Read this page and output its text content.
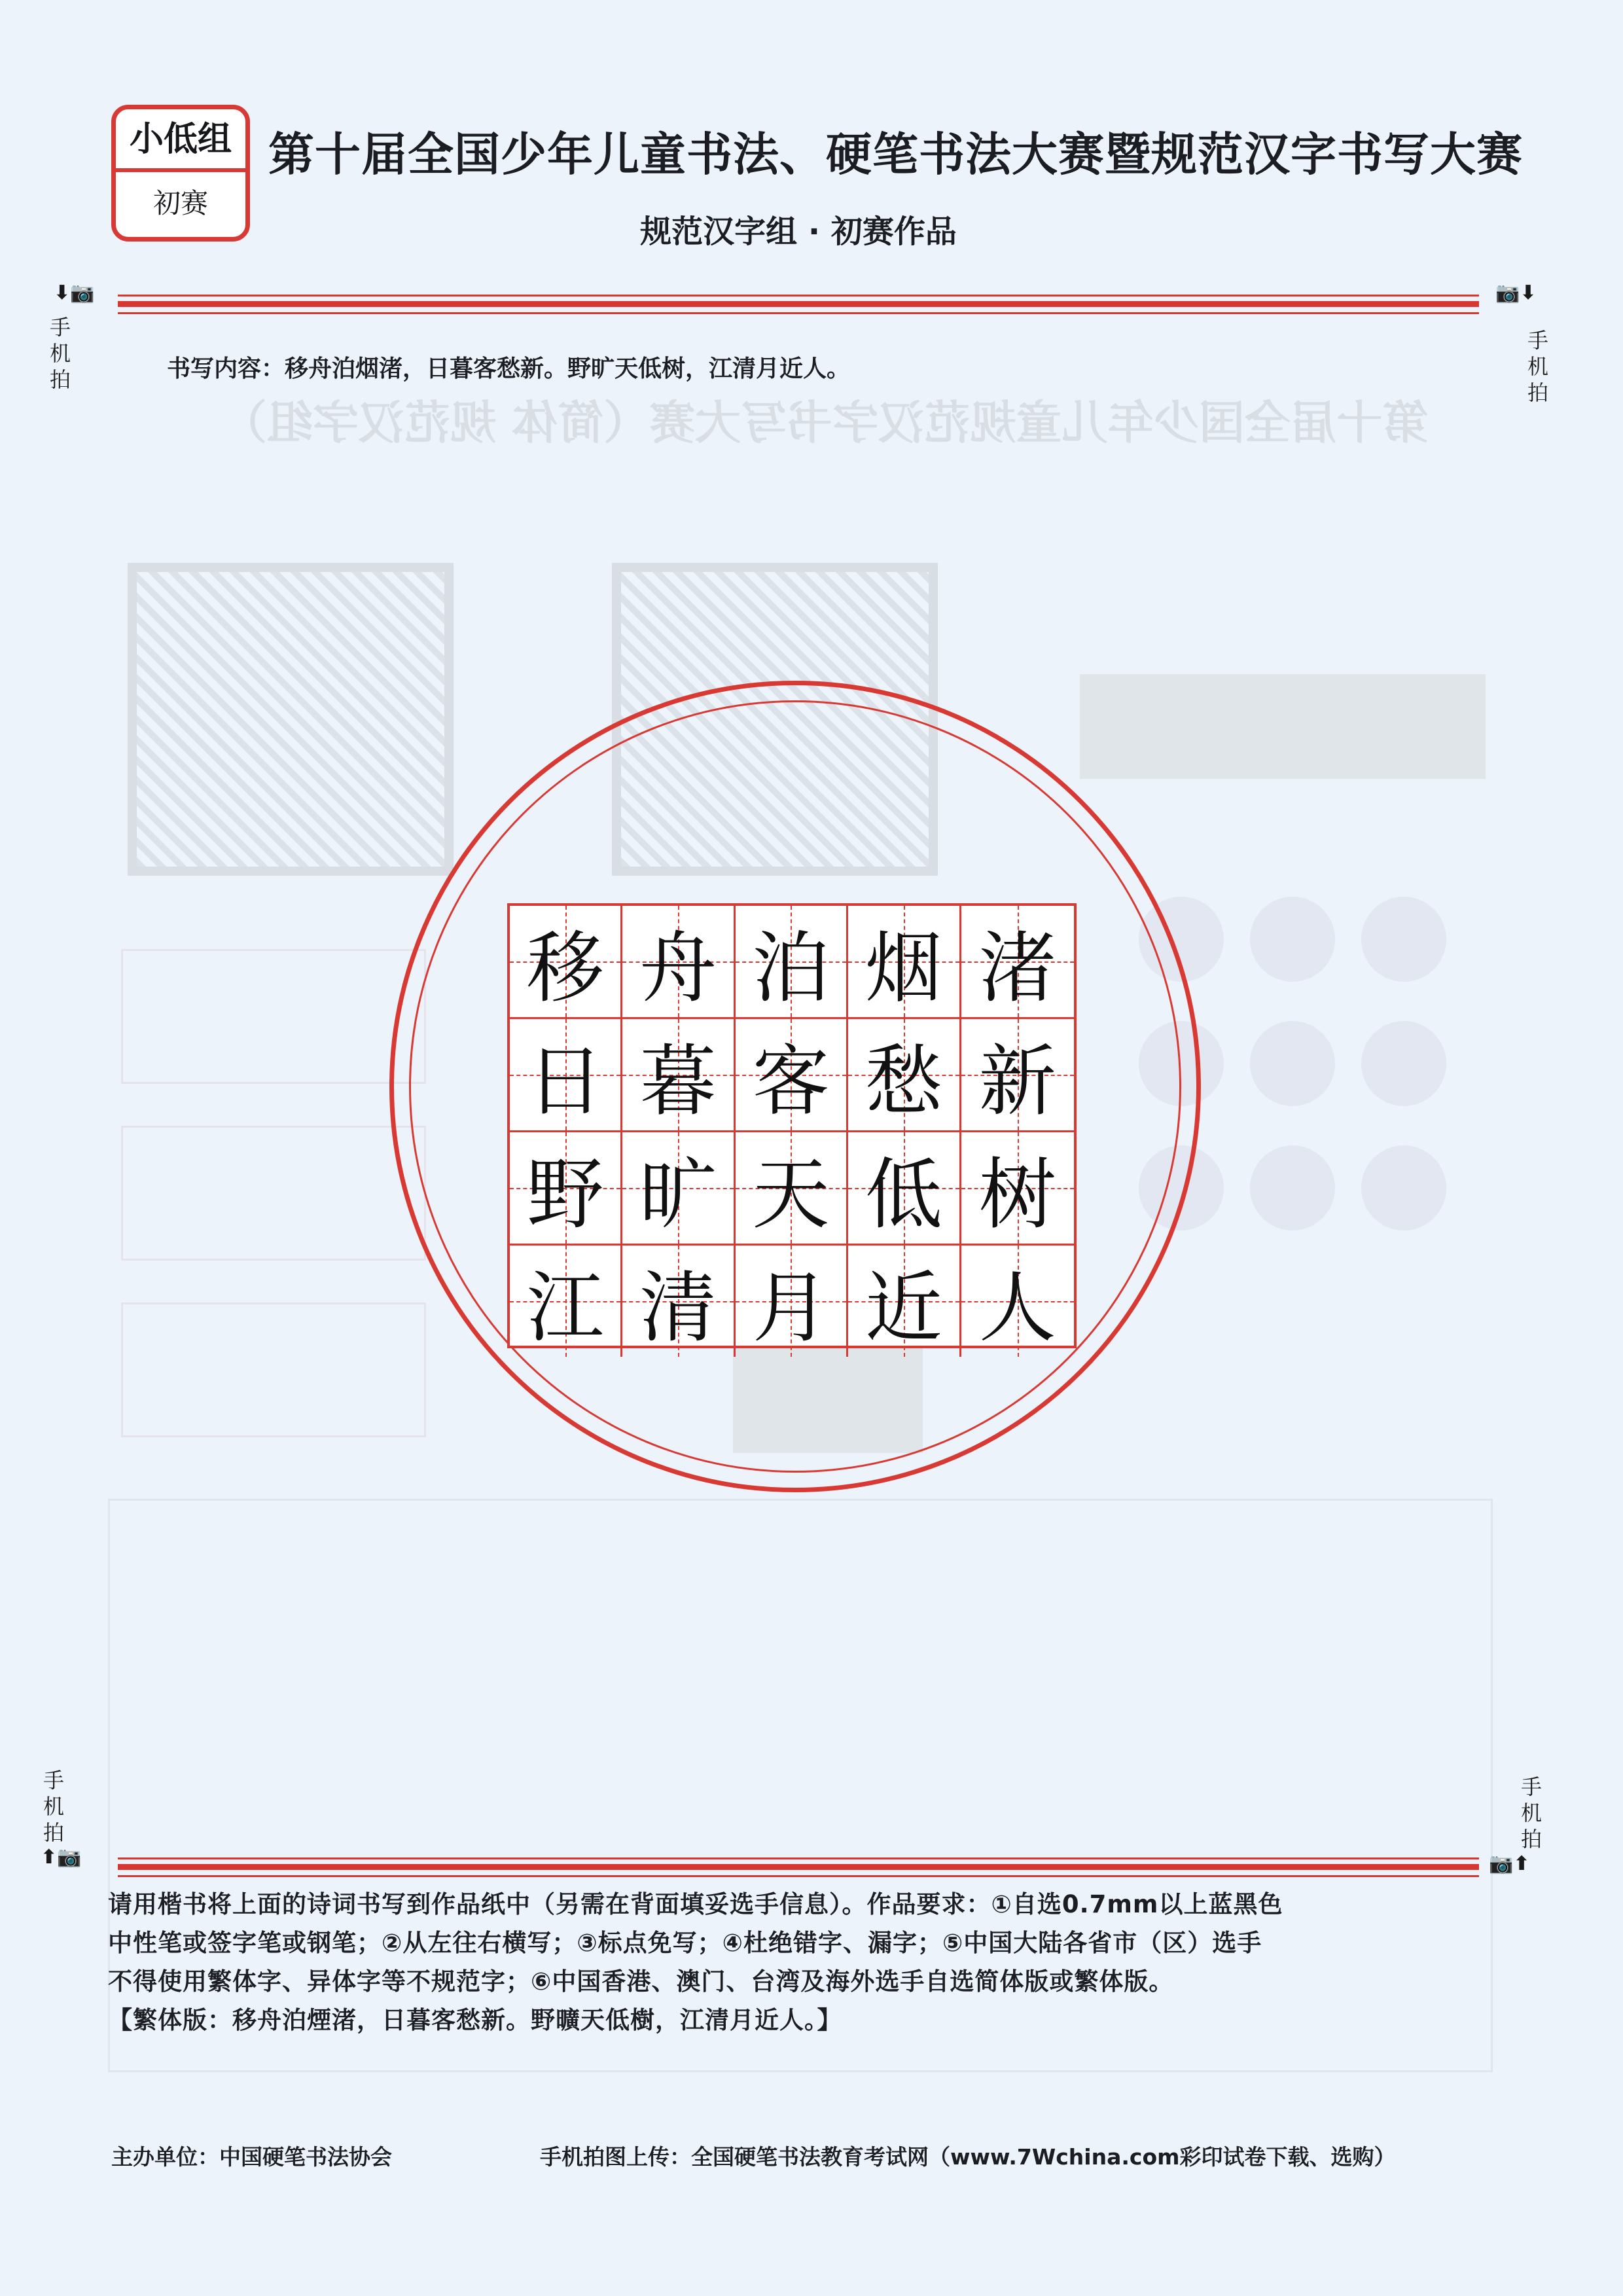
第十届全国少年儿童规范汉字书写大赛（简体 规范汉字组）
小低组
初赛
第十届全国少年儿童书法、硬笔书法大赛暨规范汉字书写大赛
规范汉字组 · 初赛作品
⬇📷
手机拍
📷⬇
手机拍
书写内容：移舟泊烟渚，日暮客愁新。野旷天低树，江清月近人。
移 舟 泊 烟 渚
日 暮 客 愁 新
野 旷 天 低 树
江 清 月 近 人
手机拍
⬆📷
手机拍
📷⬆

请用楷书将上面的诗词书写到作品纸中（另需在背面填妥选手信息）。作品要求：①自选0.7mm以上蓝黑色

中性笔或签字笔或钢笔；②从左往右横写；③标点免写；④杜绝错字、漏字；⑤中国大陆各省市（区）选手

不得使用繁体字、异体字等不规范字；⑥中国香港、澳门、台湾及海外选手自选简体版或繁体版。

【繁体版：移舟泊煙渚，日暮客愁新。野曠天低樹，江清月近人。】

主办单位：中国硬笔书法协会	手机拍图上传：全国硬笔书法教育考试网（www.7Wchina.com彩印试卷下载、选购）
